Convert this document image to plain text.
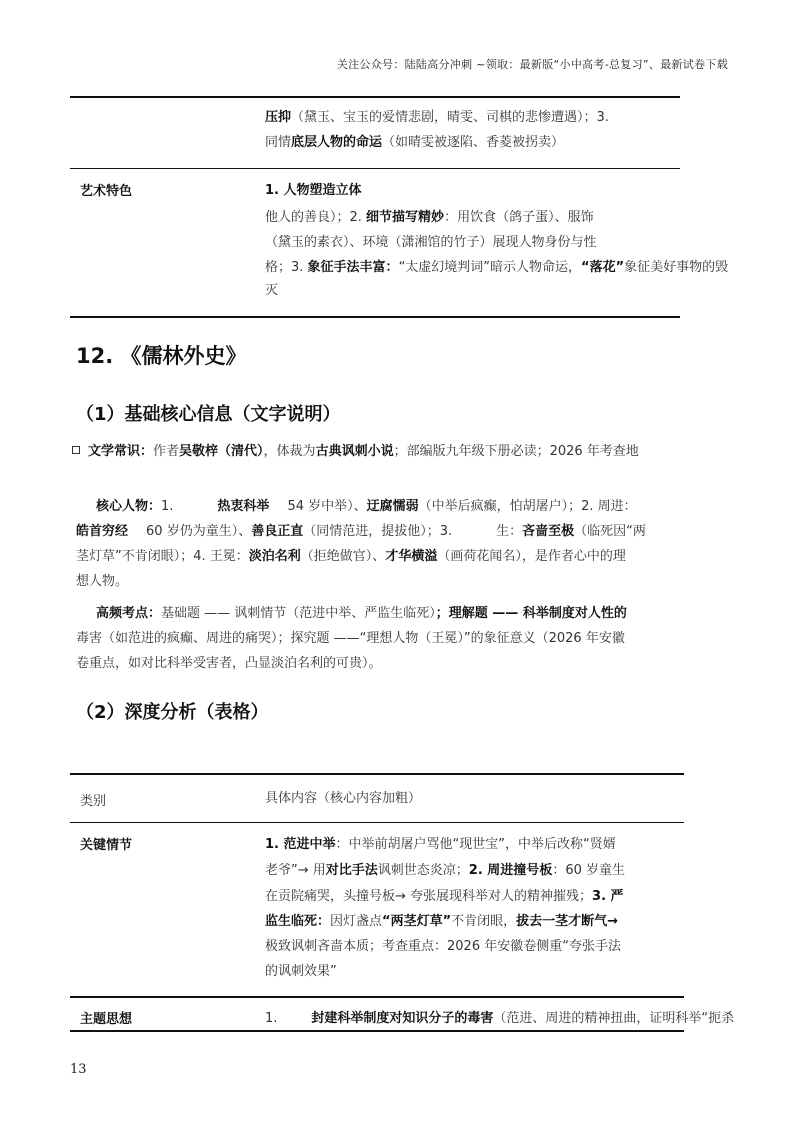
关注公众号：陆陆高分冲刺 ~领取：最新版“小中高考-总复习”、最新试卷下载
压抑（黛玉、宝玉的爱情悲剧，晴雯、司棋的悲惨遭遇）；3.
同情底层人物的命运（如晴雯被逐陷、香菱被拐卖）
艺术特色	1. 人物塑造立体
他人的善良）；2. 细节描写精妙：用饮食（鸽子蛋）、服饰
（黛玉的素衣）、环境（潇湘馆的竹子）展现人物身份与性
格；3. 象征手法丰富：“太虚幻境判词”暗示人物命运，“落花”象征美好事物的毁
灭
12. 《儒林外史》
（1）基础核心信息（文字说明）
文学常识：作者吴敬梓（清代），体裁为古典讽刺小说；部编版九年级下册必读；2026 年考查地
核心人物：1.	热衷科举 54 岁中举）、迂腐懦弱（中举后疯癫，怕胡屠户）；2. 周进：
皓首穷经 60 岁仍为童生）、善良正直（同情范进，提拔他）；3.	生：吝啬至极（临死因“两
茎灯草”不肯闭眼）；4. 王冕：淡泊名利（拒绝做官）、才华横溢（画荷花闻名），是作者心中的理
想人物。
高频考点：基础题 —— 讽刺情节（范进中举、严监生临死）；理解题 —— 科举制度对人性的
毒害（如范进的疯癫、周进的痛哭）；探究题 ——“理想人物（王冕）”的象征意义（2026 年安徽
卷重点，如对比科举受害者，凸显淡泊名利的可贵）。
（2）深度分析（表格）
类别	具体内容（核心内容加粗）
关键情节	1. 范进中举：中举前胡屠户骂他“现世宝”，中举后改称“贤婿
老爷”→ 用对比手法讽刺世态炎凉；2. 周进撞号板：60 岁童生
在贡院痛哭，头撞号板→ 夸张展现科举对人的精神摧残；3. 严
监生临死：因灯盏点“两茎灯草”不肯闭眼，拔去一茎才断气→
极致讽刺吝啬本质；考查重点：2026 年安徽卷侧重“夸张手法
的讽刺效果”
主题思想	1.	封建科举制度对知识分子的毒害（范进、周进的精神扭曲，证明科举“扼杀
13
